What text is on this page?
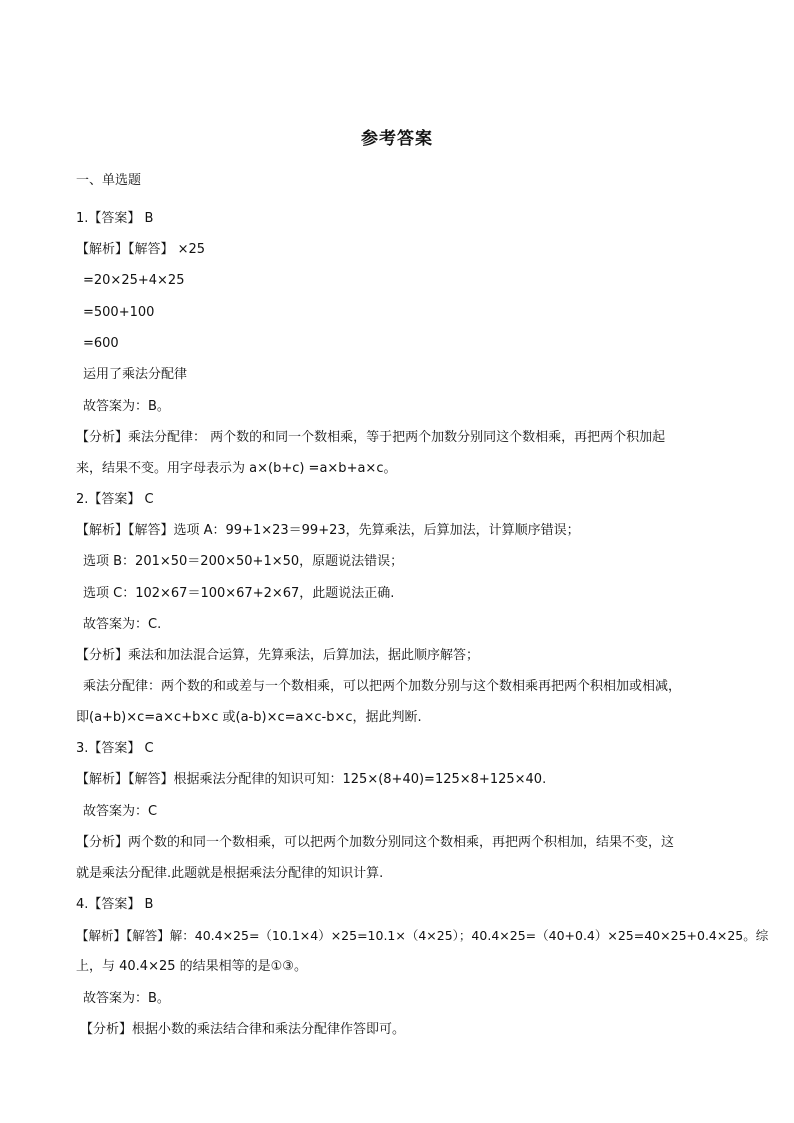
参考答案
一、单选题
1.【答案】 B
【解析】【解答】 ×25
=20×25+4×25
=500+100
=600
运用了乘法分配律
故答案为：B。
【分析】乘法分配律： 两个数的和同一个数相乘，等于把两个加数分别同这个数相乘，再把两个积加起
来，结果不变。用字母表示为 a×(b+c) =a×b+a×c。
2.【答案】 C
【解析】【解答】选项 A：99+1×23＝99+23，先算乘法，后算加法，计算顺序错误；
选项 B：201×50＝200×50+1×50，原题说法错误；
选项 C：102×67＝100×67+2×67，此题说法正确.
故答案为：C.
【分析】乘法和加法混合运算，先算乘法，后算加法，据此顺序解答；
乘法分配律：两个数的和或差与一个数相乘，可以把两个加数分别与这个数相乘再把两个积相加或相减，
即(a+b)×c=a×c+b×c 或(a-b)×c=a×c-b×c，据此判断.
3.【答案】 C
【解析】【解答】根据乘法分配律的知识可知：125×(8+40)=125×8+125×40.
故答案为：C
【分析】两个数的和同一个数相乘，可以把两个加数分别同这个数相乘，再把两个积相加，结果不变，这
就是乘法分配律.此题就是根据乘法分配律的知识计算.
4.【答案】 B
【解析】【解答】解：40.4×25=（10.1×4）×25=10.1×（4×25）；40.4×25=（40+0.4）×25=40×25+0.4×25。综
上，与 40.4×25 的结果相等的是①③。
故答案为：B。
【分析】根据小数的乘法结合律和乘法分配律作答即可。
